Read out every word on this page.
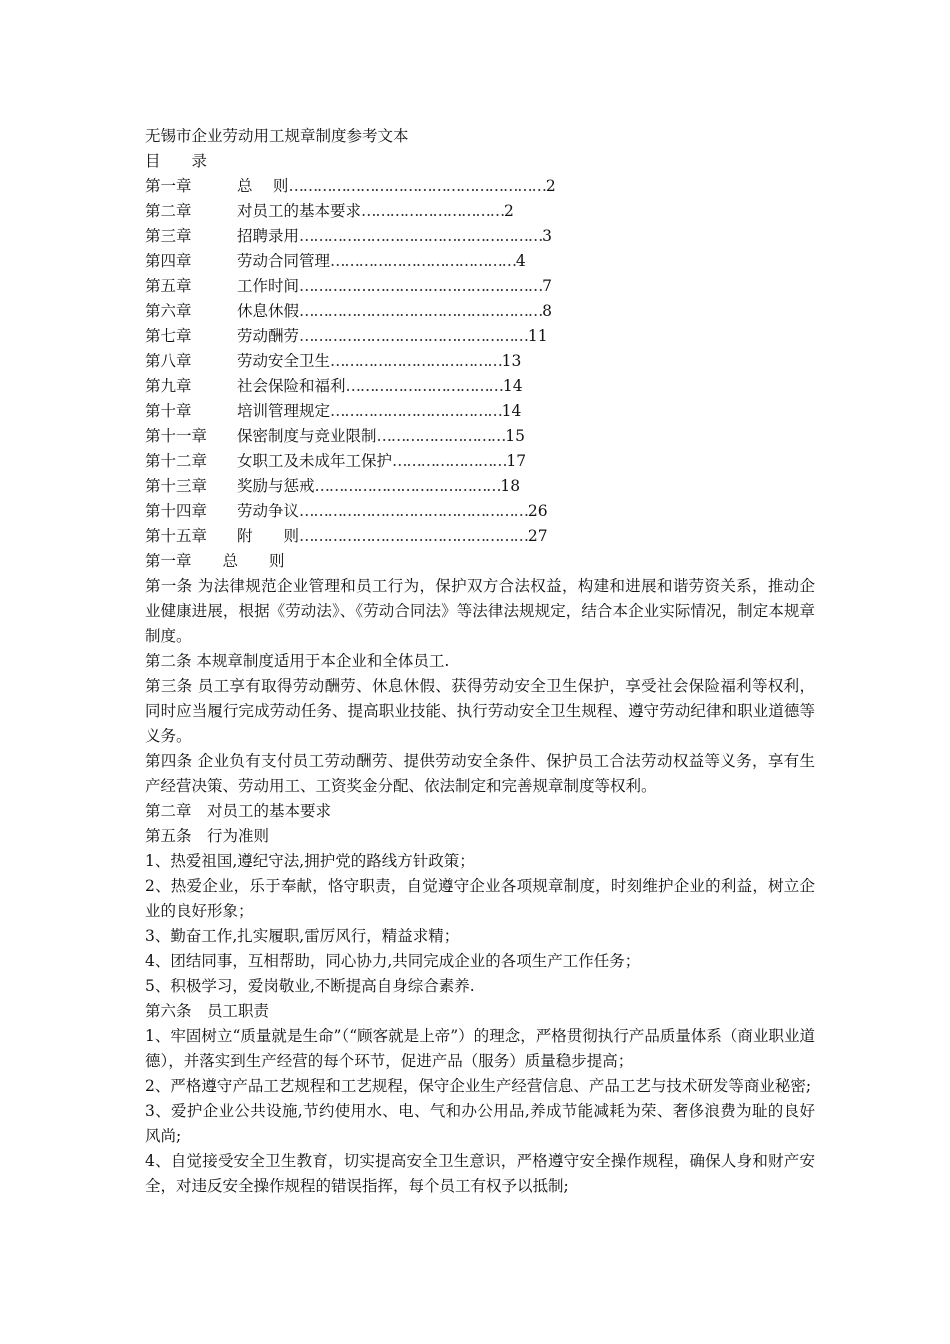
无锡市企业劳动用工规章制度参考文本
目　　录
第一章	总　 则 ……………………………………………… 2
第二章	对员工的基本要求 ………………………… 2
第三章	招聘录用 …………………………………………… 3
第四章	劳动合同管理 ………………………………… 4
第五章	工作时间 …………………………………………… 7
第六章	休息休假 …………………………………………… 8
第七章	劳动酬劳 ………………………………………… 11
第八章	劳动安全卫生 ……………………………… 13
第九章	社会保险和福利 …………………………… 14
第十章	培训管理规定 ……………………………… 14
第十一章	保密制度与竞业限制 ……………………… 15
第十二章	女职工及未成年工保护 …………………… 17
第十三章	奖励与惩戒 ………………………………… 18
第十四章	劳动争议 ………………………………………… 26
第十五章	附　　则 ………………………………………… 27
第一章　　总　　则

第一条 为法律规范企业管理和员工行为，保护双方合法权益，构建和进展和谐劳资关系，推动企业健康进展，根据《劳动法》、《劳动合同法》等法律法规规定，结合本企业实际情况，制定本规章制度。

第二条 本规章制度适用于本企业和全体员工.

第三条 员工享有取得劳动酬劳、休息休假、获得劳动安全卫生保护，享受社会保险福利等权利，同时应当履行完成劳动任务、提高职业技能、执行劳动安全卫生规程、遵守劳动纪律和职业道德等义务。

第四条 企业负有支付员工劳动酬劳、提供劳动安全条件、保护员工合法劳动权益等义务，享有生产经营决策、劳动用工、工资奖金分配、依法制定和完善规章制度等权利。

第二章　对员工的基本要求
第五条　行为准则

1、热爱祖国,遵纪守法,拥护党的路线方针政策；

2、热爱企业，乐于奉献，恪守职责，自觉遵守企业各项规章制度，时刻维护企业的利益，树立企业的良好形象；

3、勤奋工作,扎实履职,雷厉风行，精益求精；

4、团结同事，互相帮助，同心协力,共同完成企业的各项生产工作任务；

5、积极学习，爱岗敬业,不断提高自身综合素养.

第六条　员工职责

1、牢固树立“质量就是生命”（“顾客就是上帝”）的理念，严格贯彻执行产品质量体系（商业职业道德），并落实到生产经营的每个环节，促进产品（服务）质量稳步提高；

2、严格遵守产品工艺规程和工艺规程，保守企业生产经营信息、产品工艺与技术研发等商业秘密;

3、爱护企业公共设施,节约使用水、电、气和办公用品,养成节能减耗为荣、奢侈浪费为耻的良好风尚;

4、自觉接受安全卫生教育，切实提高安全卫生意识，严格遵守安全操作规程，确保人身和财产安全，对违反安全操作规程的错误指挥，每个员工有权予以抵制;
